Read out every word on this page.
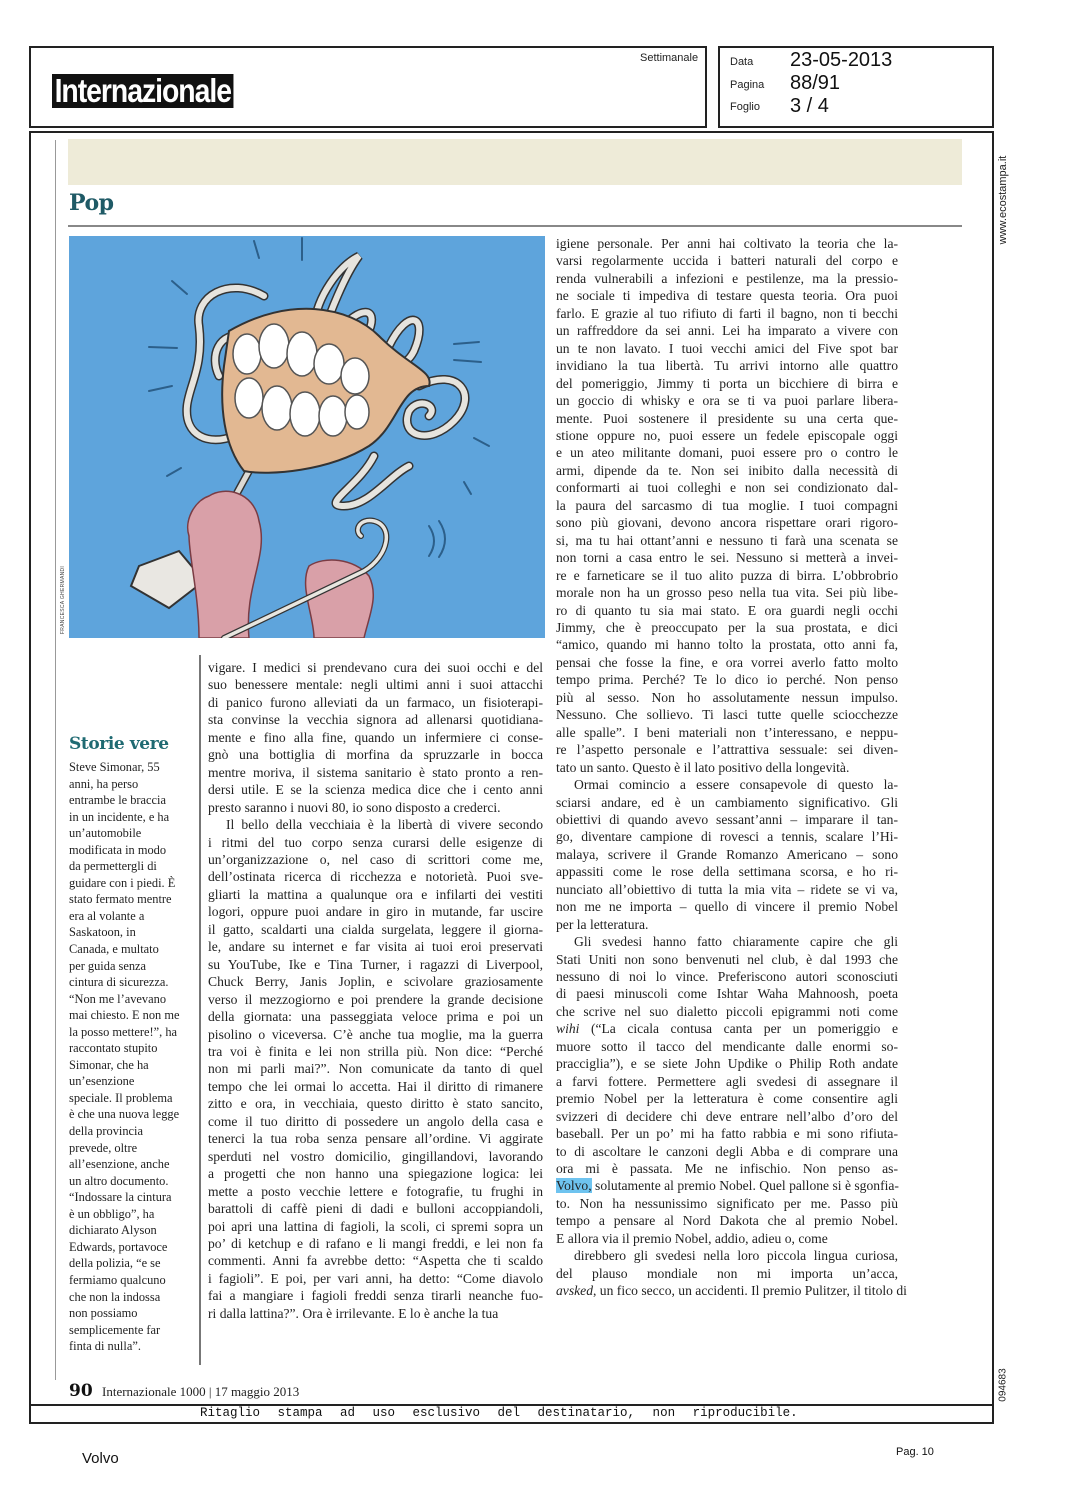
Internazionale
Settimanale	Data 23-05-2013
Pagina 88/91
Foglio 3 / 4
Pop	www.ecostampa.it
094683
FRANCESCA GHERMANDI
Storie vere
Steve Simonar, 55
anni, ha perso
entrambe le braccia
in un incidente, e ha
un’automobile
modificata in modo
da permettergli di
guidare con i piedi. È
stato fermato mentre
era al volante a
Saskatoon, in
Canada, e multato
per guida senza
cintura di sicurezza.
“Non me l’avevano
mai chiesto. E non me
la posso mettere!”, ha
raccontato stupito
Simonar, che ha
un’esenzione
speciale. Il problema
è che una nuova legge
della provincia
prevede, oltre
all’esenzione, anche
un altro documento.
“Indossare la cintura
è un obbligo”, ha
dichiarato Alyson
Edwards, portavoce
della polizia, “e se
fermiamo qualcuno
che non la indossa
non possiamo
semplicemente far
finta di nulla”.
vigare. I medici si prendevano cura dei suoi occhi e del
suo benessere mentale: negli ultimi anni i suoi attacchi
di panico furono alleviati da un farmaco, un fisioterapi-
sta convinse la vecchia signora ad allenarsi quotidiana-
mente e fino alla fine, quando un infermiere ci conse-
gnò una bottiglia di morfina da spruzzarle in bocca
mentre moriva, il sistema sanitario è stato pronto a ren-
dersi utile. E se la scienza medica dice che i cento anni
presto saranno i nuovi 80, io sono disposto a crederci.
Il bello della vecchiaia è la libertà di vivere secondo
i ritmi del tuo corpo senza curarsi delle esigenze di
un’organizzazione o, nel caso di scrittori come me,
dell’ostinata ricerca di ricchezza e notorietà. Puoi sve-
gliarti la mattina a qualunque ora e infilarti dei vestiti
logori, oppure puoi andare in giro in mutande, far uscire
il gatto, scaldarti una cialda surgelata, leggere il giorna-
le, andare su internet e far visita ai tuoi eroi preservati
su YouTube, Ike e Tina Turner, i ragazzi di Liverpool,
Chuck Berry, Janis Joplin, e scivolare graziosamente
verso il mezzogiorno e poi prendere la grande decisione
della giornata: una passeggiata veloce prima e poi un
pisolino o viceversa. C’è anche tua moglie, ma la guerra
tra voi è finita e lei non strilla più. Non dice: “Perché
non mi parli mai?”. Non comunicate da tanto di quel
tempo che lei ormai lo accetta. Hai il diritto di rimanere
zitto e ora, in vecchiaia, questo diritto è stato sancito,
come il tuo diritto di possedere un angolo della casa e
tenerci la tua roba senza pensare all’ordine. Vi aggirate
sperduti nel vostro domicilio, gingillandovi, lavorando
a progetti che non hanno una spiegazione logica: lei
mette a posto vecchie lettere e fotografie, tu frughi in
barattoli di caffè pieni di dadi e bulloni accoppiandoli,
poi apri una lattina di fagioli, la scoli, ci spremi sopra un
po’ di ketchup e di rafano e li mangi freddi, e lei non fa
commenti. Anni fa avrebbe detto: “Aspetta che ti scaldo
i fagioli”. E poi, per vari anni, ha detto: “Come diavolo
fai a mangiare i fagioli freddi senza tirarli neanche fuo-
ri dalla lattina?”. Ora è irrilevante. E lo è anche la tua
igiene personale. Per anni hai coltivato la teoria che la-
varsi regolarmente uccida i batteri naturali del corpo e
renda vulnerabili a infezioni e pestilenze, ma la pressio-
ne sociale ti impediva di testare questa teoria. Ora puoi
farlo. E grazie al tuo rifiuto di farti il bagno, non ti becchi
un raffreddore da sei anni. Lei ha imparato a vivere con
un te non lavato. I tuoi vecchi amici del Five spot bar
invidiano la tua libertà. Tu arrivi intorno alle quattro
del pomeriggio, Jimmy ti porta un bicchiere di birra e
un goccio di whisky e ora se ti va puoi parlare libera-
mente. Puoi sostenere il presidente su una certa que-
stione oppure no, puoi essere un fedele episcopale oggi
e un ateo militante domani, puoi essere pro o contro le
armi, dipende da te. Non sei inibito dalla necessità di
conformarti ai tuoi colleghi e non sei condizionato dal-
la paura del sarcasmo di tua moglie. I tuoi compagni
sono più giovani, devono ancora rispettare orari rigoro-
si, ma tu hai ottant’anni e nessuno ti farà una scenata se
non torni a casa entro le sei. Nessuno si metterà a invei-
re e farneticare se il tuo alito puzza di birra. L’obbrobrio
morale non ha un grosso peso nella tua vita. Sei più libe-
ro di quanto tu sia mai stato. E ora guardi negli occhi
Jimmy, che è preoccupato per la sua prostata, e dici
“amico, quando mi hanno tolto la prostata, otto anni fa,
pensai che fosse la fine, e ora vorrei averlo fatto molto
tempo prima. Perché? Te lo dico io perché. Non penso
più al sesso. Non ho assolutamente nessun impulso.
Nessuno. Che sollievo. Ti lasci tutte quelle sciocchezze
alle spalle”. I beni materiali non t’interessano, e neppu-
re l’aspetto personale e l’attrattiva sessuale: sei diven-
tato un santo. Questo è il lato positivo della longevità.
Ormai comincio a essere consapevole di questo la-
sciarsi andare, ed è un cambiamento significativo. Gli
obiettivi di quando avevo sessant’anni – imparare il tan-
go, diventare campione di rovesci a tennis, scalare l’Hi-
malaya, scrivere il Grande Romanzo Americano – sono
appassiti come le rose della settimana scorsa, e ho ri-
nunciato all’obiettivo di tutta la mia vita – ridete se vi va,
non me ne importa – quello di vincere il premio Nobel
per la letteratura.
Gli svedesi hanno fatto chiaramente capire che gli
Stati Uniti non sono benvenuti nel club, è dal 1993 che
nessuno di noi lo vince. Preferiscono autori sconosciuti
di paesi minuscoli come Ishtar Waha Mahnoosh, poeta
che scrive nel suo dialetto piccoli epigrammi noti come
wihi (“La cicala contusa canta per un pomeriggio e
muore sotto il tacco del mendicante dalle enormi so-
pracciglia”), e se siete John Updike o Philip Roth andate
a farvi fottere. Permettere agli svedesi di assegnare il
premio Nobel per la letteratura è come consentire agli
svizzeri di decidere chi deve entrare nell’albo d’oro del
baseball. Per un po’ mi ha fatto rabbia e mi sono rifiuta-
to di ascoltare le canzoni degli Abba e di comprare una
ora mi è passata. Me ne infischio. Non penso as-
Volvo, solutamente al premio Nobel. Quel pallone si è sgonfia-
to. Non ha nessunissimo significato per me. Passo più
tempo a pensare al Nord Dakota che al premio Nobel.
E allora via il premio Nobel, addio, adieu o, come
direbbero gli svedesi nella loro piccola lingua curiosa,
del plauso mondiale non mi importa un’acca,
avsked, un fico secco, un accidenti. Il premio Pulitzer, il titolo di
90 Internazionale 1000 | 17 maggio 2013
Ritaglio stampa ad uso esclusivo del destinatario, non riproducibile.
Volvo	Pag. 10
